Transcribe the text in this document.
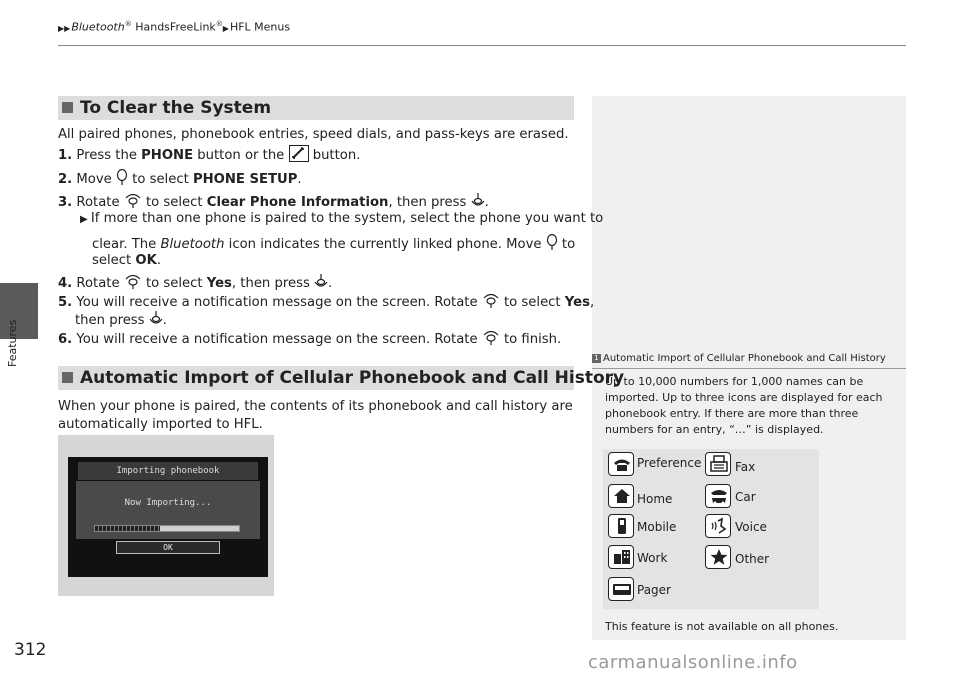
▶▶Bluetooth® HandsFreeLink®▶HFL Menus
Features
312
To Clear the System
All paired phones, phonebook entries, speed dials, and pass-keys are erased.
1. Press the PHONE button or the  button.
2. Move  to select PHONE SETUP.
3. Rotate  to select Clear Phone Information, then press .
▶ If more than one phone is paired to the system, select the phone you want to
clear. The Bluetooth icon indicates the currently linked phone. Move  to
select OK.
4. Rotate  to select Yes, then press .
5. You will receive a notification message on the screen. Rotate  to select Yes,
then press .
6. You will receive a notification message on the screen. Rotate  to finish.
Automatic Import of Cellular Phonebook and Call History
When your phone is paired, the contents of its phonebook and call history are
automatically imported to HFL.
Importing phonebook
Now Importing...
OK
1 Automatic Import of Cellular Phonebook and Call History
Up to 10,000 numbers for 1,000 names can be
imported. Up to three icons are displayed for each
phonebook entry. If there are more than three
numbers for an entry, “…” is displayed.
Preference
Home
Mobile
Work
Pager
Fax
Car
Voice
Other
This feature is not available on all phones.
carmanualsonline.info
